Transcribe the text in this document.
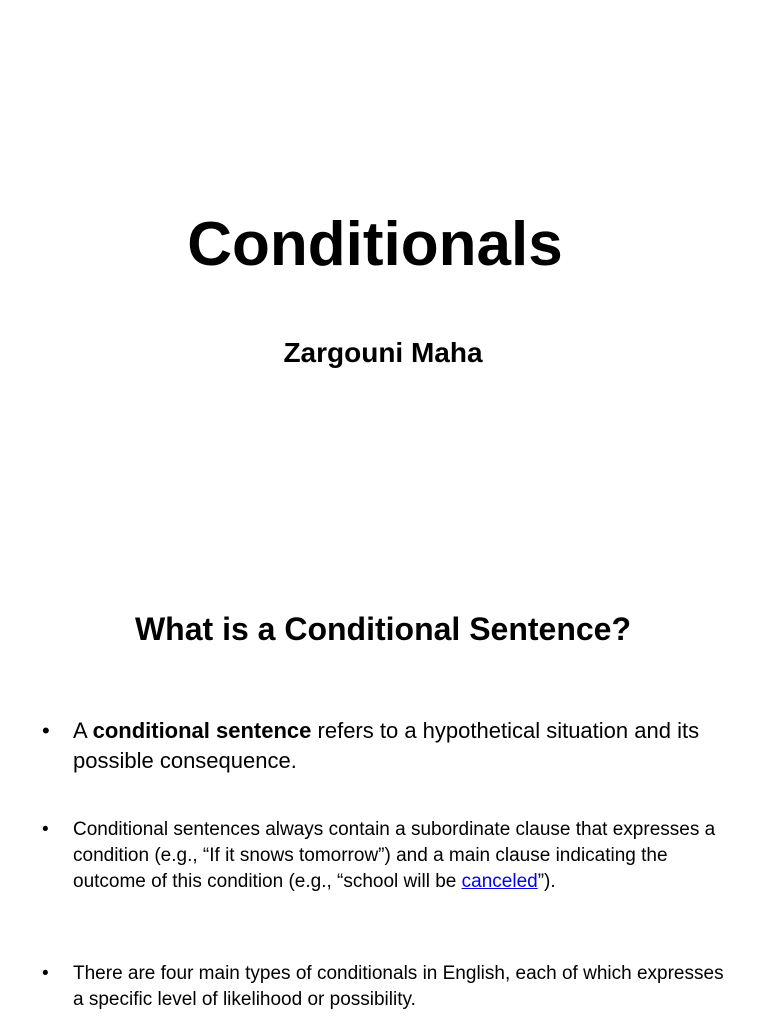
Conditionals
Zargouni Maha
What is a Conditional Sentence?
• A conditional sentence refers to a hypothetical situation and its possible consequence.
• Conditional sentences always contain a subordinate clause that expresses a condition (e.g., “If it snows tomorrow”) and a main clause indicating the outcome of this condition (e.g., “school will be canceled”).
• There are four main types of conditionals in English, each of which expresses a specific level of likelihood or possibility.
